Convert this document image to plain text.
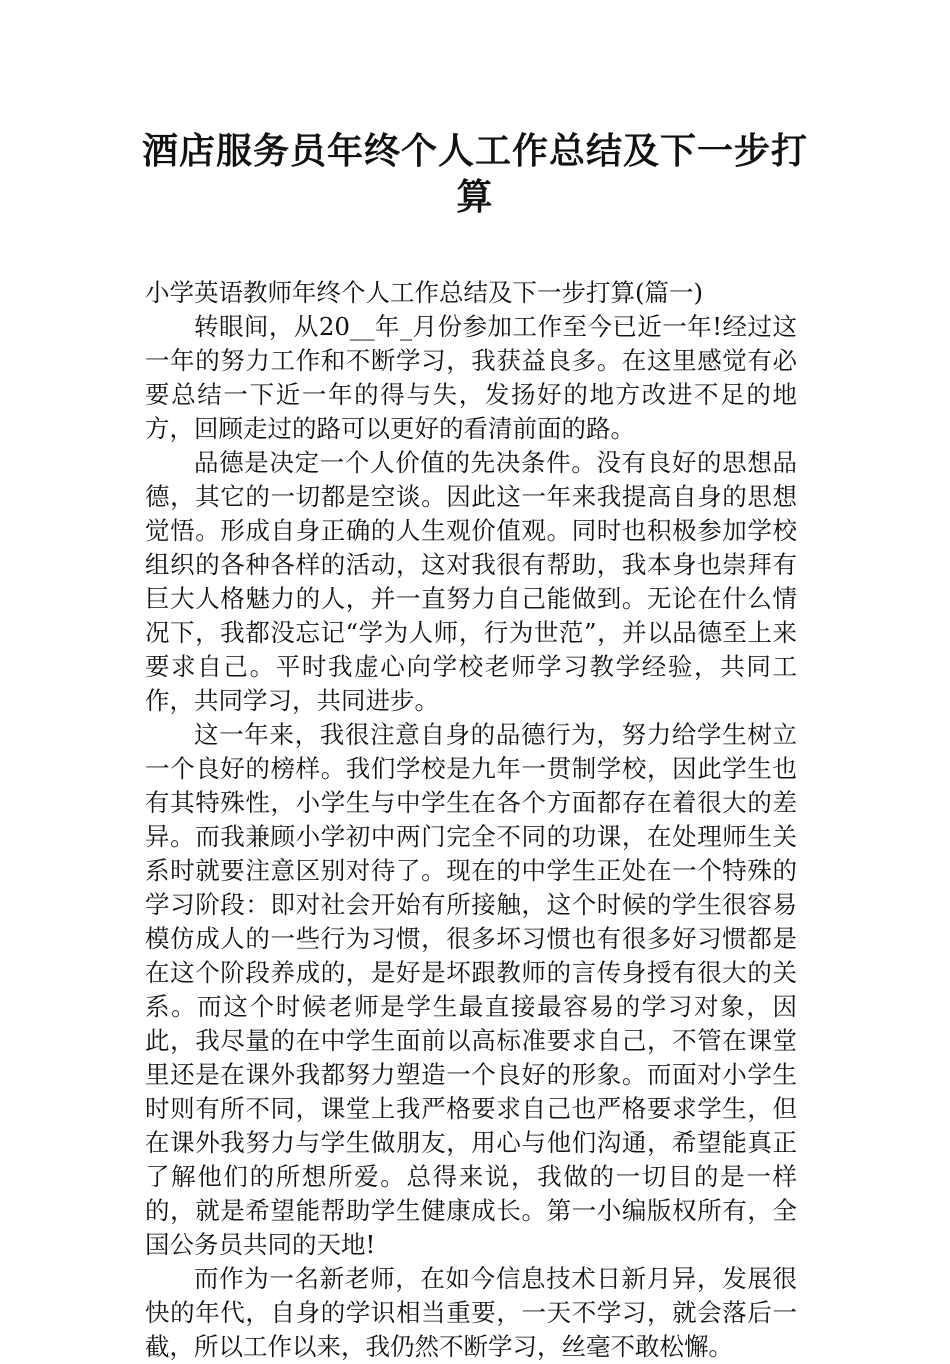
酒店服务员年终个人工作总结及下一步打算

小学英语教师年终个人工作总结及下一步打算(篇一)

转眼间，从20__年_月份参加工作至今已近一年!经过这一年的努力工作和不断学习，我获益良多。在这里感觉有必要总结一下近一年的得与失，发扬好的地方改进不足的地方，回顾走过的路可以更好的看清前面的路。

品德是决定一个人价值的先决条件。没有良好的思想品德，其它的一切都是空谈。因此这一年来我提高自身的思想觉悟。形成自身正确的人生观价值观。同时也积极参加学校组织的各种各样的活动，这对我很有帮助，我本身也崇拜有巨大人格魅力的人，并一直努力自己能做到。无论在什么情况下，我都没忘记“学为人师，行为世范”，并以品德至上来要求自己。平时我虚心向学校老师学习教学经验，共同工作，共同学习，共同进步。

这一年来，我很注意自身的品德行为，努力给学生树立一个良好的榜样。我们学校是九年一贯制学校，因此学生也有其特殊性，小学生与中学生在各个方面都存在着很大的差异。而我兼顾小学初中两门完全不同的功课，在处理师生关系时就要注意区别对待了。现在的中学生正处在一个特殊的学习阶段：即对社会开始有所接触，这个时候的学生很容易模仿成人的一些行为习惯，很多坏习惯也有很多好习惯都是在这个阶段养成的，是好是坏跟教师的言传身授有很大的关系。而这个时候老师是学生最直接最容易的学习对象，因此，我尽量的在中学生面前以高标准要求自己，不管在课堂里还是在课外我都努力塑造一个良好的形象。而面对小学生时则有所不同，课堂上我严格要求自己也严格要求学生，但在课外我努力与学生做朋友，用心与他们沟通，希望能真正了解他们的所想所爱。总得来说，我做的一切目的是一样的，就是希望能帮助学生健康成长。第一小编版权所有，全国公务员共同的天地!

而作为一名新老师，在如今信息技术日新月异，发展很快的年代，自身的学识相当重要，一天不学习，就会落后一截，所以工作以来，我仍然不断学习，丝毫不敢松懈。
